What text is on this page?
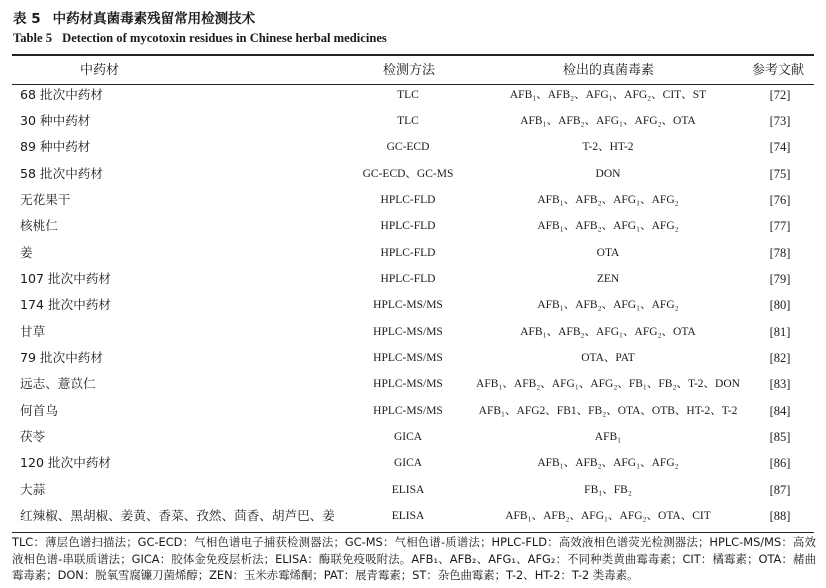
表 5 中药材真菌毒素残留常用检测技术
Table 5 Detection of mycotoxin residues in Chinese herbal medicines
中药材	检测方法	检出的真菌毒素	参考文献
68 批次中药材	TLC	AFB₁、AFB₂、AFG₁、AFG₂、CIT、ST	[72]
30 种中药材	TLC	AFB₁、AFB₂、AFG₁、AFG₂、OTA	[73]
89 种中药材	GC-ECD	T-2、HT-2	[74]
58 批次中药材	GC-ECD、GC-MS	DON	[75]
无花果干	HPLC-FLD	AFB₁、AFB₂、AFG₁、AFG₂	[76]
核桃仁	HPLC-FLD	AFB₁、AFB₂、AFG₁、AFG₂	[77]
姜	HPLC-FLD	OTA	[78]
107 批次中药材	HPLC-FLD	ZEN	[79]
174 批次中药材	HPLC-MS/MS	AFB₁、AFB₂、AFG₁、AFG₂	[80]
甘草	HPLC-MS/MS	AFB₁、AFB₂、AFG₁、AFG₂、OTA	[81]
79 批次中药材	HPLC-MS/MS	OTA、PAT	[82]
远志、薏苡仁	HPLC-MS/MS	AFB₁、AFB₂、AFG₁、AFG₂、FB₁、FB₂、T-2、DON	[83]
何首乌	HPLC-MS/MS	AFB₁、AFG2、FB1、FB₂、OTA、OTB、HT-2、T-2	[84]
茯苓	GICA	AFB₁	[85]
120 批次中药材	GICA	AFB₁、AFB₂、AFG₁、AFG₂	[86]
大蒜	ELISA	FB₁、FB₂	[87]
红辣椒、黑胡椒、姜黄、香菜、孜然、茴香、胡芦巴、姜	ELISA	AFB₁、AFB₂、AFG₁、AFG₂、OTA、CIT	[88]
TLC：薄层色谱扫描法；GC-ECD：气相色谱电子捕获检测器法；GC-MS：气相色谱-质谱法；HPLC-FLD：高效液相色谱荧光检测器法；HPLC-MS/MS：高效液相色谱-串联质谱法；GICA：胶体金免疫层析法；ELISA：酶联免疫吸附法。AFB₁、AFB₂、AFG₁、AFG₂：不同种类黄曲霉毒素；CIT：橘霉素；OTA：赭曲霉毒素；DON：脱氧雪腐镰刀菌烯醇；ZEN：玉米赤霉烯酮；PAT：展青霉素；ST：杂色曲霉素；T-2、HT-2：T-2 类毒素。
